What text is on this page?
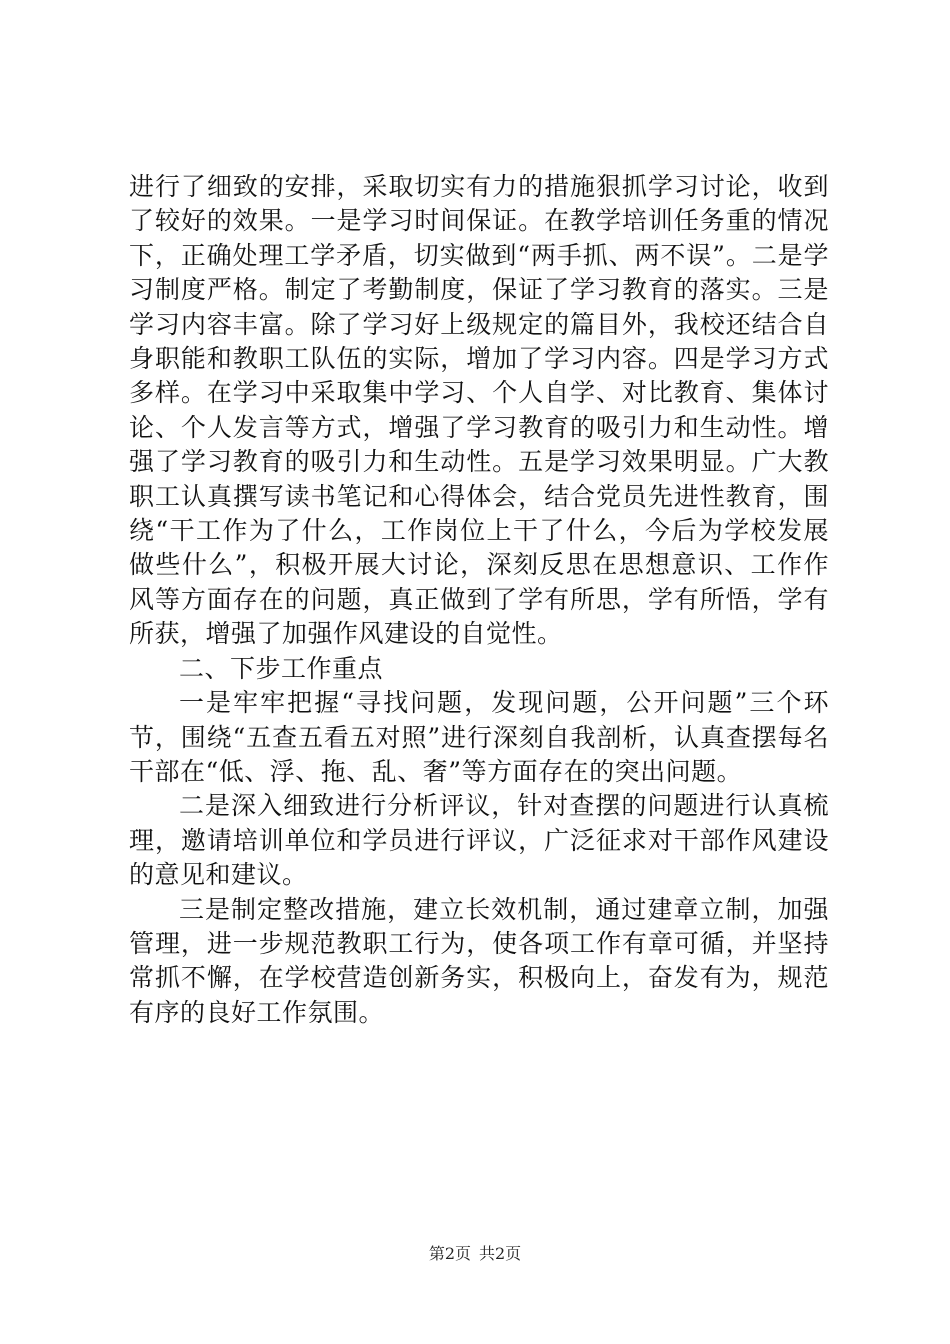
进行了细致的安排，采取切实有力的措施狠抓学习讨论，收到了较好的效果。一是学习时间保证。在教学培训任务重的情况下，正确处理工学矛盾，切实做到“两手抓、两不误”。二是学习制度严格。制定了考勤制度，保证了学习教育的落实。三是学习内容丰富。除了学习好上级规定的篇目外，我校还结合自身职能和教职工队伍的实际，增加了学习内容。四是学习方式多样。在学习中采取集中学习、个人自学、对比教育、集体讨论、个人发言等方式，增强了学习教育的吸引力和生动性。增强了学习教育的吸引力和生动性。五是学习效果明显。广大教职工认真撰写读书笔记和心得体会，结合党员先进性教育，围绕“干工作为了什么，工作岗位上干了什么，今后为学校发展做些什么”，积极开展大讨论，深刻反思在思想意识、工作作风等方面存在的问题，真正做到了学有所思，学有所悟，学有所获，增强了加强作风建设的自觉性。

二、下步工作重点

一是牢牢把握“寻找问题，发现问题，公开问题”三个环节，围绕“五查五看五对照”进行深刻自我剖析，认真查摆每名干部在“低、浮、拖、乱、奢”等方面存在的突出问题。

二是深入细致进行分析评议，针对查摆的问题进行认真梳理，邀请培训单位和学员进行评议，广泛征求对干部作风建设的意见和建议。

三是制定整改措施，建立长效机制，通过建章立制，加强管理，进一步规范教职工行为，使各项工作有章可循，并坚持常抓不懈，在学校营造创新务实，积极向上，奋发有为，规范有序的良好工作氛围。

第2页 共2页
